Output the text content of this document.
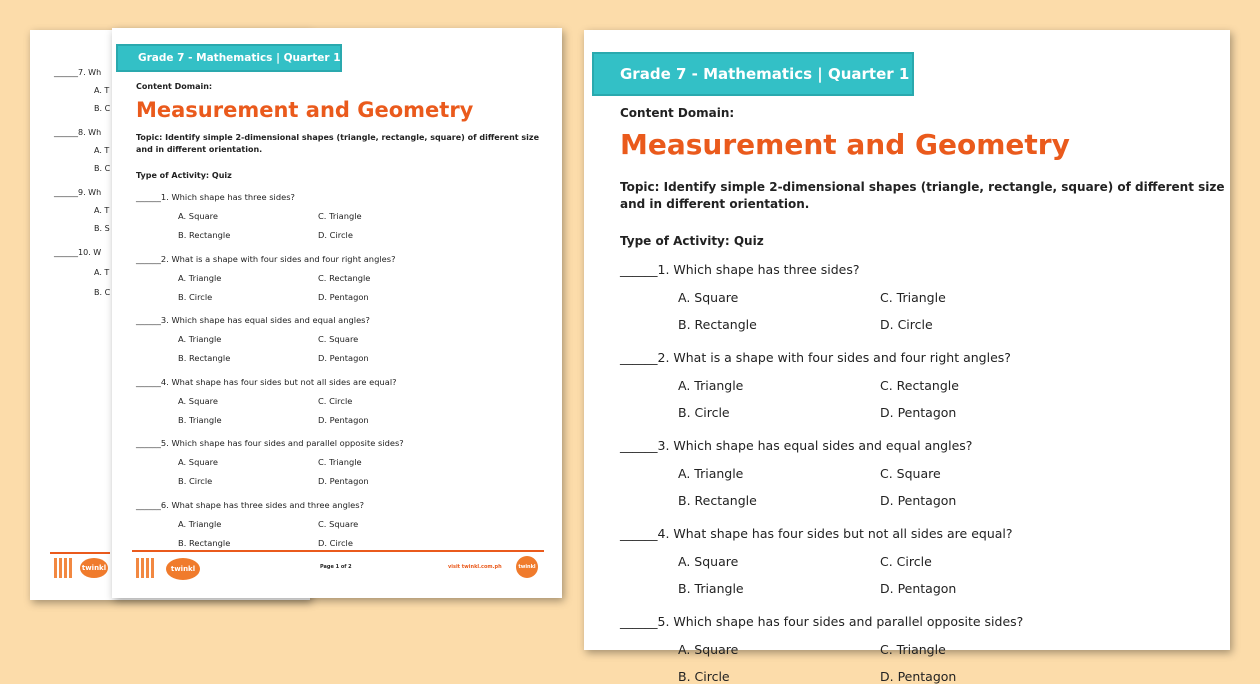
______7. Wh
A. T
B. C
______8. Wh
A. T
B. C
______9. Wh
A. T
B. S
______10. W
A. T
B. C
twinkl
Grade 7 - Mathematics | Quarter 1
Content Domain:
Measurement and Geometry
Topic: Identify simple 2-dimensional shapes (triangle, rectangle, square) of different size
and in different orientation.
Type of Activity: Quiz
______1. Which shape has three sides?
A. Square	C. Triangle
B. Rectangle	D. Circle
______2. What is a shape with four sides and four right angles?
A. Triangle	C. Rectangle
B. Circle	D. Pentagon
______3. Which shape has equal sides and equal angles?
A. Triangle	C. Square
B. Rectangle	D. Pentagon
______4. What shape has four sides but not all sides are equal?
A. Square	C. Circle
B. Triangle	D. Pentagon
______5. Which shape has four sides and parallel opposite sides?
A. Square	C. Triangle
B. Circle	D. Pentagon
______6. What shape has three sides and three angles?
A. Triangle	C. Square
B. Rectangle	D. Circle
twinkl	Page 1 of 2	visit twinkl.com.ph	twinkl
Grade 7 - Mathematics | Quarter 1
Content Domain:
Measurement and Geometry
Topic: Identify simple 2-dimensional shapes (triangle, rectangle, square) of different size
and in different orientation.
Type of Activity: Quiz
______1. Which shape has three sides?
A. Square	C. Triangle
B. Rectangle	D. Circle
______2. What is a shape with four sides and four right angles?
A. Triangle	C. Rectangle
B. Circle	D. Pentagon
______3. Which shape has equal sides and equal angles?
A. Triangle	C. Square
B. Rectangle	D. Pentagon
______4. What shape has four sides but not all sides are equal?
A. Square	C. Circle
B. Triangle	D. Pentagon
______5. Which shape has four sides and parallel opposite sides?
A. Square	C. Triangle
B. Circle	D. Pentagon
